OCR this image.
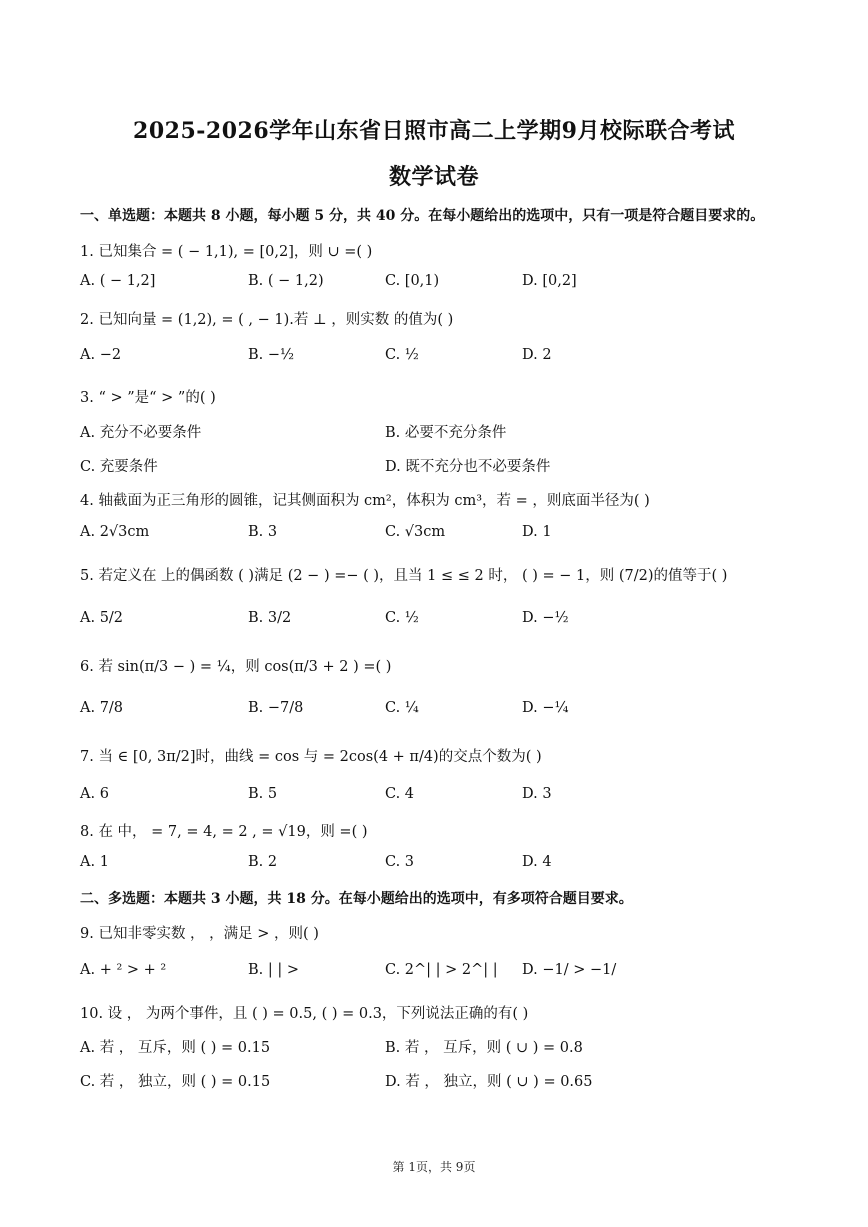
2025-2026学年山东省日照市高二上学期9月校际联合考试
数学试卷
一、单选题：本题共 8 小题，每小题 5 分，共 40 分。在每小题给出的选项中，只有一项是符合题目要求的。
1. 已知集合 = ( − 1,1), = [0,2]，则 ∪ =( )
A. ( − 1,2]	B. ( − 1,2)	C. [0,1)	D. [0,2]
2. 已知向量 = (1,2), = ( , − 1).若 ⊥ ，则实数 的值为( )
A. −2	B. −½	C. ½	D. 2
3. “ > ”是“ > ”的( )
A. 充分不必要条件	B. 必要不充分条件
C. 充要条件	D. 既不充分也不必要条件
4. 轴截面为正三角形的圆锥，记其侧面积为 cm²，体积为 cm³，若 = ，则底面半径为( )
A. 2√3cm	B. 3	C. √3cm	D. 1
5. 若定义在 上的偶函数 ( )满足 (2 − ) =− ( )，且当 1 ≤ ≤ 2 时， ( ) = − 1，则 (7/2)的值等于( )
A. 5/2	B. 3/2	C. ½	D. −½
6. 若 sin(π/3 − ) = ¼，则 cos(π/3 + 2 ) =( )
A. 7/8	B. −7/8	C. ¼	D. −¼
7. 当 ∈ [0, 3π/2]时，曲线 = cos 与 = 2cos(4 + π/4)的交点个数为( )
A. 6	B. 5	C. 4	D. 3
8. 在 中， = 7, = 4, = 2 , = √19，则 =( )
A. 1	B. 2	C. 3	D. 4
二、多选题：本题共 3 小题，共 18 分。在每小题给出的选项中，有多项符合题目要求。
9. 已知非零实数 ， ，满足 > ，则( )
A. + ² > + ²	B. | | >	C. 2^| | > 2^| | D. −1/ > −1/
10. 设 ， 为两个事件，且 ( ) = 0.5, ( ) = 0.3，下列说法正确的有( )
A. 若 ， 互斥，则 ( ) = 0.15	B. 若 ， 互斥，则 ( ∪ ) = 0.8
C. 若 ， 独立，则 ( ) = 0.15	D. 若 ， 独立，则 ( ∪ ) = 0.65
第 1页，共 9页
